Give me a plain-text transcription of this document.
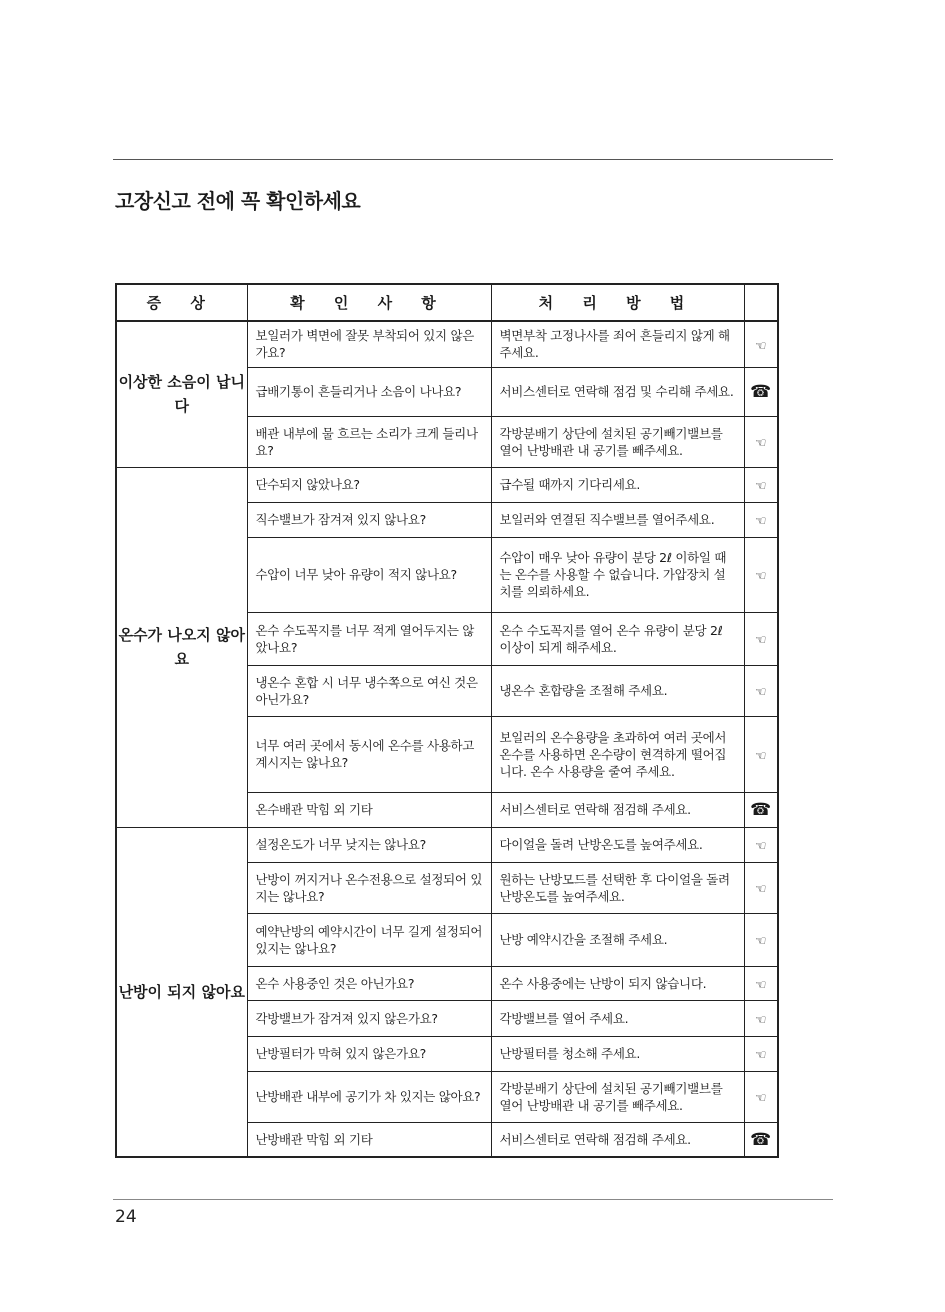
고장신고 전에 꼭 확인하세요
증 상	확 인 사 항	처 리 방 법	
이상한 소음이 납니다	보일러가 벽면에 잘못 부착되어 있지 않은가요?	벽면부착 고정나사를 죄어 흔들리지 않게 해 주세요.	☜
	급배기통이 흔들리거나 소음이 나나요?	서비스센터로 연락해 점검 및 수리해 주세요.	☎
	배관 내부에 물 흐르는 소리가 크게 들리나요?	각방분배기 상단에 설치된 공기빼기밸브를 열어 난방배관 내 공기를 빼주세요.	☜
온수가 나오지 않아요	단수되지 않았나요?	급수될 때까지 기다리세요.	☜
	직수밸브가 잠겨져 있지 않나요?	보일러와 연결된 직수밸브를 열어주세요.	☜
	수압이 너무 낮아 유량이 적지 않나요?	수압이 매우 낮아 유량이 분당 2ℓ 이하일 때는 온수를 사용할 수 없습니다. 가압장치 설치를 의뢰하세요.	☜
	온수 수도꼭지를 너무 적게 열어두지는 않았나요?	온수 수도꼭지를 열어 온수 유량이 분당 2ℓ 이상이 되게 해주세요.	☜
	냉온수 혼합 시 너무 냉수쪽으로 여신 것은 아닌가요?	냉온수 혼합량을 조절해 주세요.	☜
	너무 여러 곳에서 동시에 온수를 사용하고 계시지는 않나요?	보일러의 온수용량을 초과하여 여러 곳에서 온수를 사용하면 온수량이 현격하게 떨어집니다. 온수 사용량을 줄여 주세요.	☜
	온수배관 막힘 외 기타	서비스센터로 연락해 점검해 주세요.	☎
난방이 되지 않아요	설정온도가 너무 낮지는 않나요?	다이얼을 돌려 난방온도를 높여주세요.	☜
	난방이 꺼지거나 온수전용으로 설정되어 있지는 않나요?	원하는 난방모드를 선택한 후 다이얼을 돌려 난방온도를 높여주세요.	☜
	예약난방의 예약시간이 너무 길게 설정되어 있지는 않나요?	난방 예약시간을 조절해 주세요.	☜
	온수 사용중인 것은 아닌가요?	온수 사용중에는 난방이 되지 않습니다.	☜
	각방밸브가 잠겨져 있지 않은가요?	각방밸브를 열어 주세요.	☜
	난방필터가 막혀 있지 않은가요?	난방필터를 청소해 주세요.	☜
	난방배관 내부에 공기가 차 있지는 않아요?	각방분배기 상단에 설치된 공기빼기밸브를 열어 난방배관 내 공기를 빼주세요.	☜
	난방배관 막힘 외 기타	서비스센터로 연락해 점검해 주세요.	☎
24
